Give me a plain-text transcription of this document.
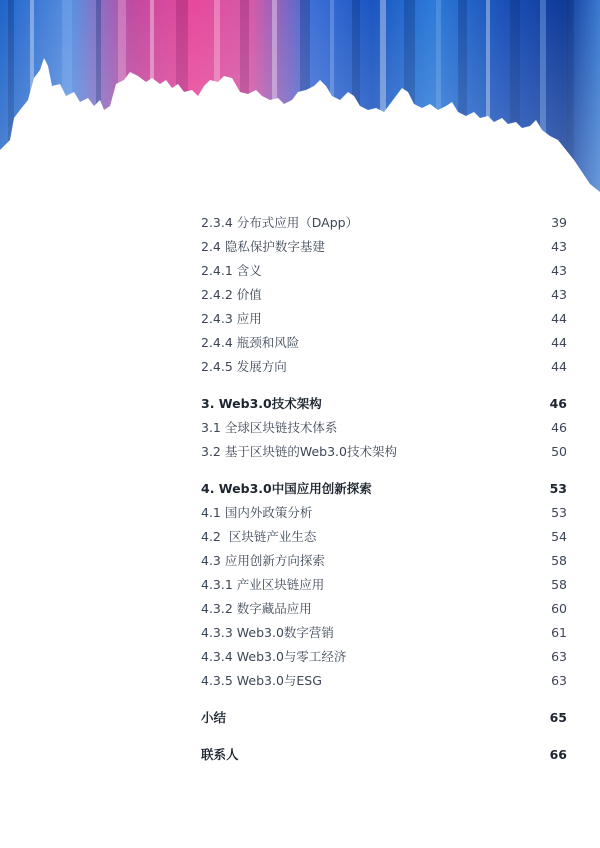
2.3.4 分布式应用（DApp）	39
2.4 隐私保护数字基建	43
2.4.1 含义	43
2.4.2 价值	43
2.4.3 应用	44
2.4.4 瓶颈和风险	44
2.4.5 发展方向	44
3. Web3.0技术架构	46
3.1 全球区块链技术体系	46
3.2 基于区块链的Web3.0技术架构	50
4. Web3.0中国应用创新探索	53
4.1 国内外政策分析	53
4.2  区块链产业生态	54
4.3 应用创新方向探索	58
4.3.1 产业区块链应用	58
4.3.2 数字藏品应用	60
4.3.3 Web3.0数字营销	61
4.3.4 Web3.0与零工经济	63
4.3.5 Web3.0与ESG	63
小结	65
联系人	66
